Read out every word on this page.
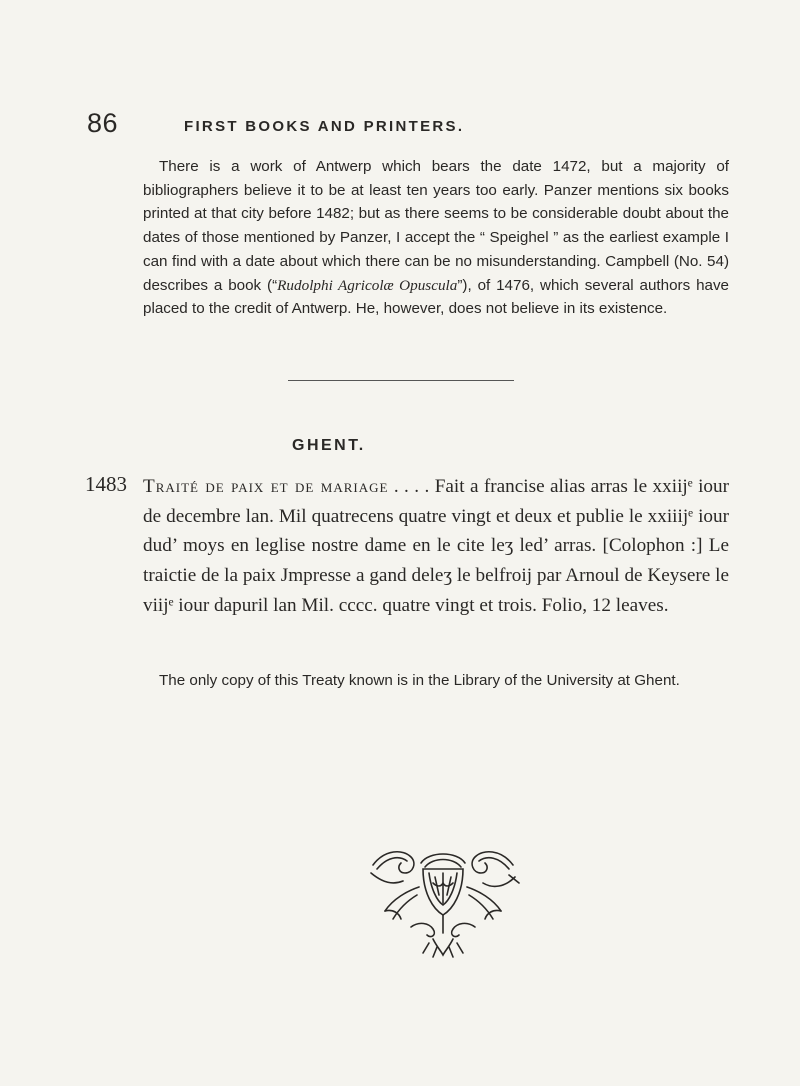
86	FIRST BOOKS AND PRINTERS.

There is a work of Antwerp which bears the date 1472, but a majority of bibliographers believe it to be at least ten years too early. Panzer mentions six books printed at that city before 1482; but as there seems to be considerable doubt about the dates of those mentioned by Panzer, I accept the “ Speighel ” as the earliest example I can find with a date about which there can be no misunderstanding. Campbell (No. 54) describes a book (“Rudolphi Agricolæ Opuscula”), of 1476, which several authors have placed to the credit of Antwerp. He, however, does not believe in its existence.

GHENT.
1483 Traité de paix et de mariage . . . . Fait a francise alias arras le xxiijᵉ iour de decembre lan. Mil quatrecens quatre vingt et deux et publie le xxiiijᵉ iour dud’ moys en leglise nostre dame en le cite leʒ led’ arras. [Colophon :] Le traictie de la paix Jmpresse a gand deleʒ le belfroij par Arnoul de Keysere le viijᵉ iour dapuril lan Mil. cccc. quatre vingt et trois. Folio, 12 leaves.

The only copy of this Treaty known is in the Library of the University at Ghent.
